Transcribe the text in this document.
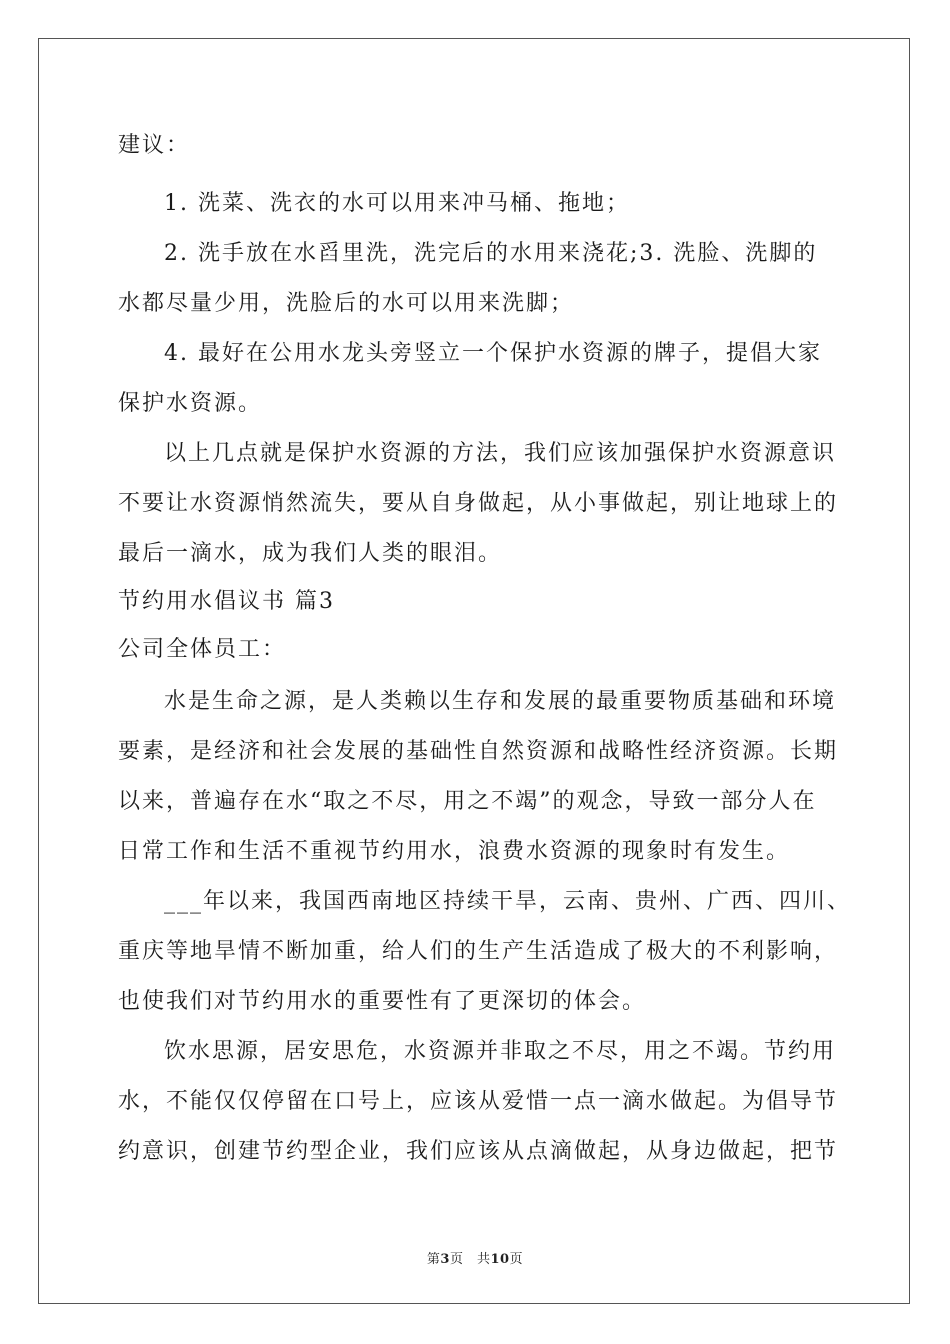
建议：
1. 洗菜、洗衣的水可以用来冲马桶、拖地；
2. 洗手放在水舀里洗，洗完后的水用来浇花;3. 洗脸、洗脚的
水都尽量少用，洗脸后的水可以用来洗脚；
4. 最好在公用水龙头旁竖立一个保护水资源的牌子，提倡大家
保护水资源。
以上几点就是保护水资源的方法，我们应该加强保护水资源意识
不要让水资源悄然流失，要从自身做起，从小事做起，别让地球上的
最后一滴水，成为我们人类的眼泪。
节约用水倡议书 篇3
公司全体员工：
水是生命之源，是人类赖以生存和发展的最重要物质基础和环境
要素，是经济和社会发展的基础性自然资源和战略性经济资源。长期
以来，普遍存在水“取之不尽，用之不竭”的观念，导致一部分人在
日常工作和生活不重视节约用水，浪费水资源的现象时有发生。
___年以来，我国西南地区持续干旱，云南、贵州、广西、四川、
重庆等地旱情不断加重，给人们的生产生活造成了极大的不利影响，
也使我们对节约用水的重要性有了更深切的体会。
饮水思源，居安思危，水资源并非取之不尽，用之不竭。节约用
水，不能仅仅停留在口号上，应该从爱惜一点一滴水做起。为倡导节
约意识，创建节约型企业，我们应该从点滴做起，从身边做起，把节
第3页　共10页
